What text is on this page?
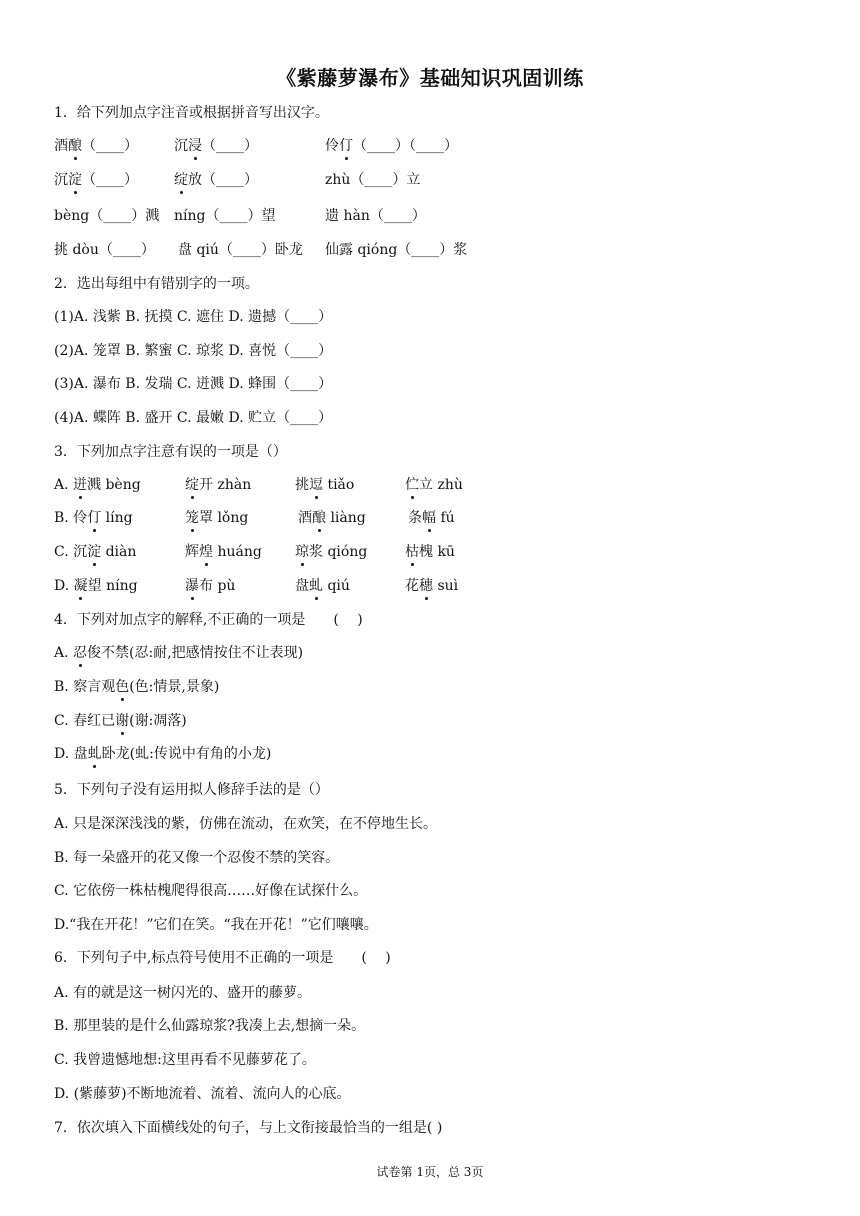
《紫藤萝瀑布》基础知识巩固训练
1．给下列加点字注音或根据拼音写出汉字。
酒酿（____）	沉浸（____）	伶仃（____）（____）
沉淀（____）	绽放（____）	zhù（____）立
bèng（____）溅 níng（____）望	遗 hàn（____）
挑 dòu（____） 盘 qiú（____）卧龙 仙露 qióng（____）浆
2．选出每组中有错别字的一项。
(1)A. 浅紫 B. 抚摸 C. 遮住 D. 遗撼（____）
(2)A. 笼罩 B. 繁蜜 C. 琼浆 D. 喜悦（____）
(3)A. 瀑布 B. 发瑞 C. 迸溅 D. 蜂围（____）
(4)A. 蝶阵 B. 盛开 C. 最嫩 D. 贮立（____）
3．下列加点字注意有误的一项是（）
A. 迸溅 bèng	绽开 zhàn	挑逗 tiǎo	伫立 zhù
B. 伶仃 líng	笼罩 lǒng	酒酿 liàng	条幅 fú
C. 沉淀 diàn	辉煌 huáng 琼浆 qióng	枯槐 kū
D. 凝望 níng	瀑布 pù	盘虬 qiú	花穗 suì
4．下列对加点字的解释,不正确的一项是　　(　 )
A. 忍俊不禁(忍:耐,把感情按住不让表现)
B. 察言观色(色:情景,景象)
C. 春红已谢(谢:凋落)
D. 盘虬卧龙(虬:传说中有角的小龙)
5．下列句子没有运用拟人修辞手法的是（）
A. 只是深深浅浅的紫，仿佛在流动，在欢笑，在不停地生长。
B. 每一朵盛开的花又像一个忍俊不禁的笑容。
C. 它依傍一株枯槐爬得很高……好像在试探什么。
D.“我在开花！”它们在笑。“我在开花！”它们嚷嚷。
6．下列句子中,标点符号使用不正确的一项是　　(　 )
A. 有的就是这一树闪光的、盛开的藤萝。
B. 那里装的是什么仙露琼浆?我凑上去,想摘一朵。
C. 我曾遗憾地想:这里再看不见藤萝花了。
D. (紫藤萝)不断地流着、流着、流向人的心底。
7．依次填入下面横线处的句子，与上文衔接最恰当的一组是( )
试卷第 1页，总 3页
